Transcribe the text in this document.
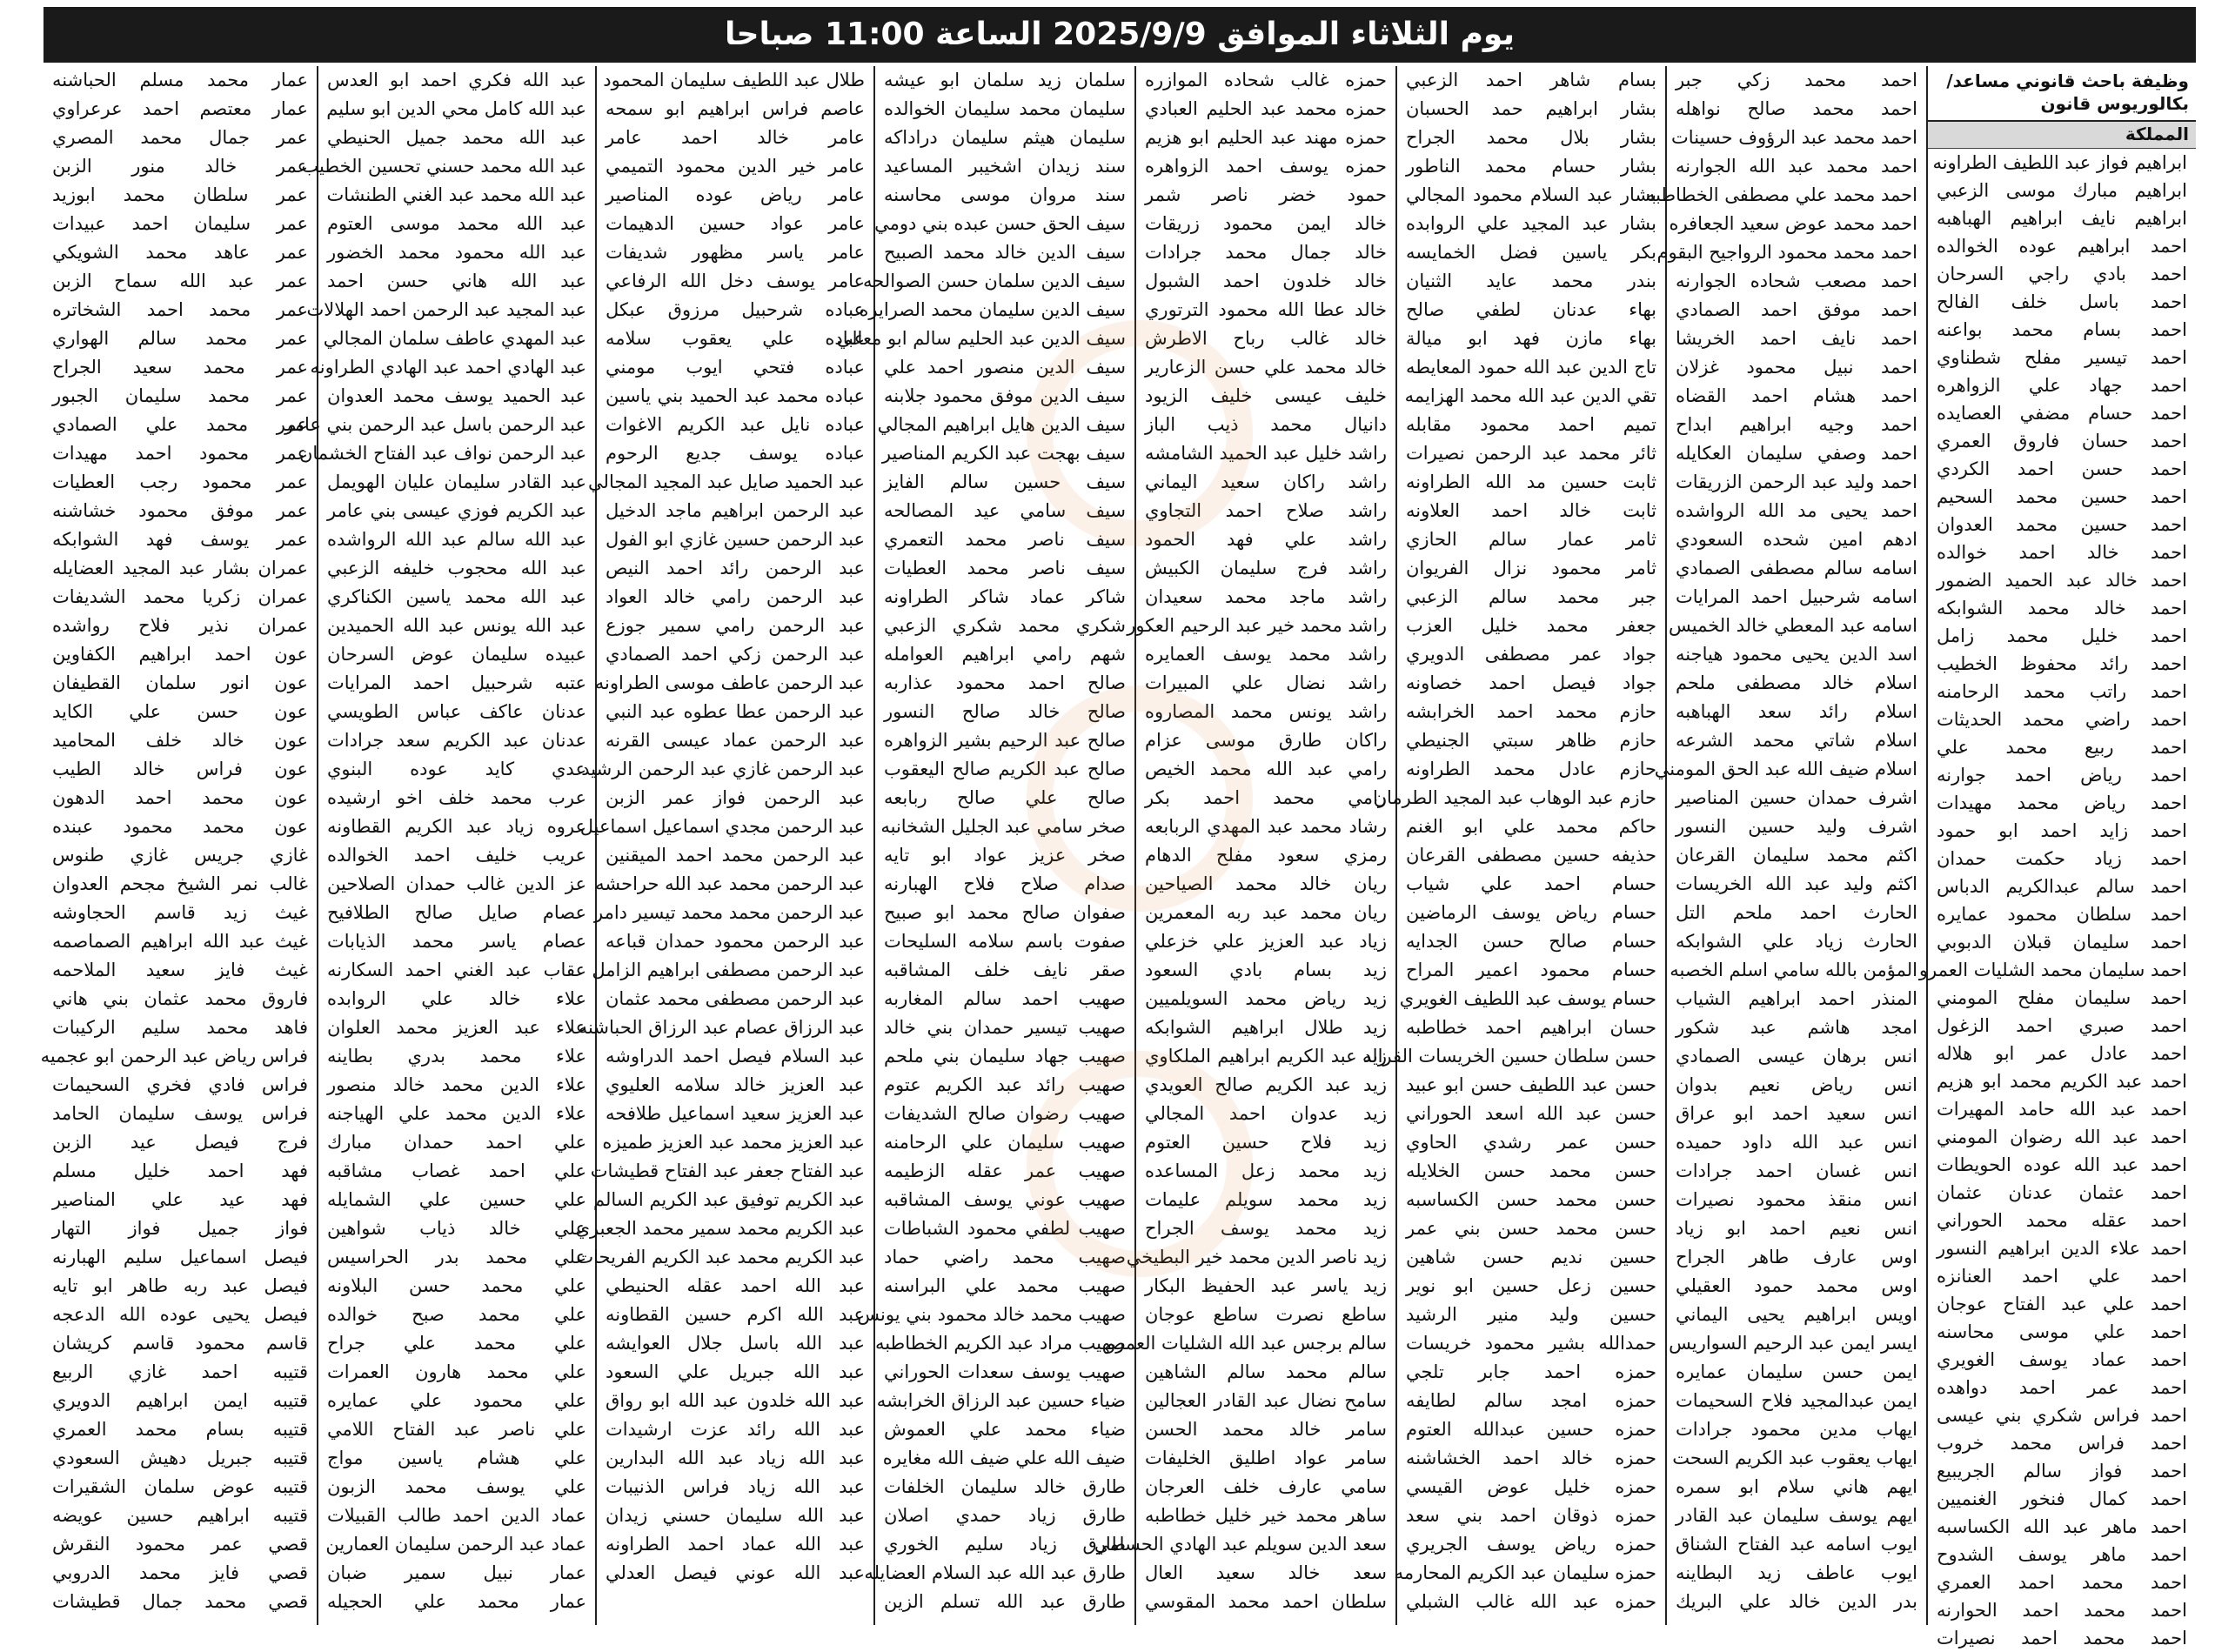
يوم الثلاثاء الموافق 2025/9/9 الساعة 11:00 صباحا
وظيفة باحث قانوني مساعد/ بكالوريوس قانون
المملكة
ابراهيم فواز عبد اللطيف الطراونه
ابراهيم مبارك موسى الزعبي
ابراهيم نايف ابراهيم الهباهبه
احمد ابراهيم عوده الخوالده
احمد بادي راجي السرحان
احمد باسل خلف الفالح
احمد بسام محمد بواعنه
احمد تيسير مفلح شطناوي
احمد جهاد علي الزواهره
احمد حسام مضفي العصايده
احمد حسان فاروق العمري
احمد حسن احمد الكردي
احمد حسين محمد السحيم
احمد حسين محمد العدوان
احمد خالد احمد خوالده
احمد خالد عبد الحميد الضمور
احمد خالد محمد الشوابكه
احمد خليل محمد زامل
احمد رائد محفوظ الخطيب
احمد راتب محمد الرحامنه
احمد راضي محمد الحديثات
احمد ربيع محمد علي
احمد رياض احمد جوارنه
احمد رياض محمد مهيدات
احمد زايد احمد ابو حمود
احمد زياد حكمت حمدان
احمد سالم عبدالكريم الدباس
احمد سلطان محمود عمايره
احمد سليمان قبلان الدبوبي
احمد سليمان محمد الشليات العمرو
احمد سليمان مفلح المومني
احمد صبري احمد الزغول
احمد عادل عمر ابو هلاله
احمد عبد الكريم محمد ابو هزيم
احمد عبد الله حامد المهيرات
احمد عبد الله رضوان المومني
احمد عبد الله عوده الحويطات
احمد عثمان عدنان عثمان
احمد عقله محمد الحوراني
احمد علاء الدين ابراهيم النسور
احمد علي احمد العنانزه
احمد علي عبد الفتاح عوجان
احمد علي موسى محاسنه
احمد عماد يوسف الغويري
احمد عمر احمد دواهده
احمد فراس شكري بني عيسى
احمد فراس محمد خروب
احمد فواز سالم الجريبيع
احمد كمال فنخور الغنميين
احمد ماهر عبد الله الكساسبه
احمد ماهر يوسف الشدوح
احمد محمد احمد العمري
احمد محمد احمد الحوارنه
احمد محمد احمد نصيرات
احمد محمد زكي جبر
احمد محمد صالح نواهله
احمد محمد عبد الرؤوف حسينات
احمد محمد عبد الله الجوارنه
احمد محمد علي مصطفى الخطاطبه
احمد محمد عوض سعيد الجعافره
احمد محمد محمود الرواجيح البقوم
احمد مصعب شحاده الجوارنه
احمد موفق احمد الصمادي
احمد نايف احمد الخريشا
احمد نبيل محمود غزلان
احمد هشام احمد القضاه
احمد وجيه ابراهيم ابداح
احمد وصفي سليمان العكايله
احمد وليد عبد الرحمن الزريقات
احمد يحيى مد الله الرواشده
ادهم امين شحده السعودي
اسامه سالم مصطفى الصمادي
اسامه شرحبيل احمد المرايات
اسامه عبد المعطي خالد الخميس
اسد الدين يحيى محمود هياجنه
اسلام خالد مصطفى ملحم
اسلام رائد سعد الهباهبه
اسلام شاتي محمد الشرعه
اسلام ضيف الله عبد الحق المومني
اشرف حمدان حسين المناصير
اشرف وليد حسين النسور
اكثم محمد سليمان القرعان
اكثم وليد عبد الله الخريسات
الحارث احمد ملحم التل
الحارث زياد علي الشوابكه
المؤمن بالله سامي اسلم الخصبه
المنذر احمد ابراهيم الشياب
امجد هاشم عبد شكور
انس برهان عيسى الصمادي
انس رياض نعيم بدوان
انس سعيد احمد ابو عراق
انس عبد الله داود حميده
انس غسان احمد جرادات
انس منقذ محمود نصيرات
انس نعيم احمد ابو زياد
اوس عارف طاهر الجراح
اوس محمد حمود العقيلي
اويس ابراهيم يحيى اليماني
ايسر ايمن عبد الرحيم السواريس
ايمن حسن سليمان عمايره
ايمن عبدالمجيد فلاح السحيمات
ايهاب مدين محمود جرادات
ايهاب يعقوب عبد الكريم السحت
ايهم هاني سلام ابو سمره
ايهم يوسف سليمان عبد القادر
ايوب اسامه عبد الفتاح الشناق
ايوب عاطف زيد البطاينه
بدر الدين خالد علي البريك
بسام شاهر احمد الزعبي
بشار ابراهيم حمد الحسبان
بشار بلال محمد الجراح
بشار حسام محمد الناطور
بشار عبد السلام محمود المجالي
بشار عبد المجيد علي الروابده
بكر ياسين فضل الخمايسه
بندر محمد عايد الثنيان
بهاء عدنان لطفي صالح
بهاء مازن فهد ابو ميالة
تاج الدين عبد الله حمود المعايطه
تقي الدين عبد الله محمد الهزايمه
تميم احمد محمود مقابله
ثائر محمد عبد الرحمن نصيرات
ثابت حسين مد الله الطراونه
ثابت خالد احمد العلاونه
ثامر عمار سالم الحازي
ثامر محمود نزال الفريوان
جبر محمد سالم الزعبي
جعفر محمد خليل العزب
جواد عمر مصطفى الدويري
جواد فيصل احمد خصاونه
حازم محمد احمد الخرابشه
حازم ظاهر سبتي الجنيطي
حازم عادل محمد الطراونه
حازم عبد الوهاب عبد المجيد الطرمان
حاكم محمد علي ابو الغنم
حذيفه حسين مصطفى القرعان
حسام احمد علي شياب
حسام رياض يوسف الرماضين
حسام صالح حسن الجدايه
حسام محمود اعمير المراح
حسام يوسف عبد اللطيف الغويري
حسان ابراهيم احمد خطاطبه
حسن سلطان حسين الخريسات القراله
حسن عبد اللطيف حسن ابو عبيد
حسن عبد الله اسعد الحوراني
حسن عمر رشدي الحاوي
حسن محمد حسن الخلايله
حسن محمد حسن الكساسبه
حسن محمد حسن بني عمر
حسين نديم حسن شاهين
حسين زعل حسين ابو نوير
حسين وليد منير الرشيد
حمدالله بشير محمود خريسات
حمزه احمد جابر تلجي
حمزه امجد سالم لطايفه
حمزه حسين عبدالله العتوم
حمزه خالد احمد الخشاشنه
حمزه خليل عوض القيسي
حمزه ذوقان احمد بني سعد
حمزه رياض يوسف الجريري
حمزه سليمان عبد الكريم المحارمه
حمزه عبد الله غالب الشبلي
حمزه غالب شحاده الموازره
حمزه محمد عبد الحليم العبادي
حمزه مهند عبد الحليم ابو هزيم
حمزه يوسف احمد الزواهره
حمود خضر ناصر شمر
خالد ايمن محمود زريقات
خالد جمال محمد جرادات
خالد خلدون احمد الشبول
خالد عطا الله محمود الترتوري
خالد غالب رباح الاطرش
خالد محمد علي حسن الزعارير
خليف عيسى خليف الزيود
دانيال محمد ذيب الباز
راشد خليل عبد الحميد الشامشه
راشد راكان سعيد اليماني
راشد صلاح احمد التجاوي
راشد علي فهد الحمود
راشد فرج سليمان الكبيش
راشد ماجد محمد سعيدان
راشد محمد خير عبد الرحيم العكور
راشد محمد يوسف العمايره
راشد نضال علي المبيرات
راشد يونس محمد المصاروه
راكان طارق موسى عزام
رامي عبد الله محمد الخيص
رامي محمد احمد بكر
رشاد محمد عبد المهدي الربابعه
رمزي سعود مفلح الدهام
ريان خالد محمد الصياحين
ريان محمد عبد ربه المعمرين
زياد عبد العزيز علي خزعلي
زيد بسام بادي السعود
زيد رياض محمد السويلميين
زيد طلال ابراهيم الشوابكه
زيد عبد الكريم ابراهيم الملكاوي
زيد عبد الكريم صالح العويدي
زيد عدوان احمد المجالي
زيد فلاح حسين العتوم
زيد محمد زعل المساعده
زيد محمد سويلم عليمات
زيد محمد يوسف الجراح
زيد ناصر الدين محمد خير البطيخي
زيد ياسر عبد الحفيظ البكار
ساطع نصرت ساطع عوجان
سالم برجس عبد الله الشليات العمرو
سالم محمد سالم الشاهين
سامح نضال عبد القادر العجالين
سامر خالد محمد الحسن
سامر عواد اطليق الخليفات
سامي عارف خلف العرجان
ساهر محمد خير خليل خطاطبه
سعد الدين سويلم عبد الهادي الحسامي
سعد خالد سعيد العال
سلطان احمد محمد المقوسي
سلمان زيد سلمان ابو عيشه
سليمان محمد سليمان الخوالده
سليمان هيثم سليمان دراداكه
سند زيدان اشخيبر المساعيد
سند مروان موسى محاسنه
سيف الحق حسن عبده بني دومي
سيف الدين خالد محمد الصبيح
سيف الدين سلمان حسن الصوالحه
سيف الدين سليمان محمد الصرايره
سيف الدين عبد الحليم سالم ابو معالي
سيف الدين منصور احمد علي
سيف الدين موفق محمود جلابنه
سيف الدين هايل ابراهيم المجالي
سيف بهجت عبد الكريم المناصير
سيف حسين سالم الفايز
سيف سامي عيد المصالحه
سيف ناصر محمد التعمري
سيف ناصر محمد العطيات
شاكر عماد شاكر الطراونه
شكري محمد شكري الزعبي
شهم رامي ابراهيم العوامله
صالح احمد محمود عذاربه
صالح خالد صالح النسور
صالح عبد الرحيم بشير الزواهره
صالح عبد الكريم صالح اليعقوب
صالح علي صالح ربابعه
صخر سامي عبد الجليل الشخانبه
صخر عزيز عواد ابو تايه
صدام صلاح فلاح الهبارنه
صفوان صالح محمد ابو صبيح
صفوت باسم سلامه السليحات
صقر نايف خلف المشاقبه
صهيب احمد سالم المغاربه
صهيب تيسير حمدان بني خالد
صهيب جهاد سليمان بني ملحم
صهيب رائد عبد الكريم عتوم
صهيب رضوان صالح الشديفات
صهيب سليمان علي الرحامنه
صهيب عمر عقله الزطيمه
صهيب عوني يوسف المشاقبه
صهيب لطفي محمود الشباطات
صهيب محمد راضي حماد
صهيب محمد علي البراسنه
صهيب محمد خالد محمود بني يونس
صهيب مراد عبد الكريم الخطاطبه
صهيب يوسف سعدات الحوراني
ضياء حسين عبد الرزاق الخرابشه
ضياء محمد علي العموش
ضيف الله علي ضيف الله مغايره
طارق خالد سليمان الخلفات
طارق زياد حمدي اصلان
طارق زياد سليم الخوري
طارق عبد الله عبد السلام العضايله
طارق عبد الله تسلم الزين
طلال عبد اللطيف سليمان المحمود
عاصم فراس ابراهيم ابو سمحه
عامر خالد احمد عامر
عامر خير الدين محمود التميمي
عامر رياض عوده المناصير
عامر عواد حسين الدهيمات
عامر ياسر مظهور شديفات
عامر يوسف دخل الله الرفاعي
عباده شرحبيل مرزوق عبكل
عباده علي يعقوب سلامه
عباده فتحي ايوب مومني
عباده محمد عبد الحميد بني ياسين
عباده نايل عبد الكريم الاغوات
عباده يوسف جديع الرحوم
عبد الحميد صايل عبد المجيد المجالي
عبد الرحمن ابراهيم ماجد الدخيل
عبد الرحمن حسين غازي ابو الفول
عبد الرحمن رائد احمد النيص
عبد الرحمن رامي خالد العواد
عبد الرحمن رامي سمير جوزع
عبد الرحمن زكي احمد الصمادي
عبد الرحمن عاطف موسى الطراونه
عبد الرحمن عطا عطوه عبد النبي
عبد الرحمن عماد عيسى القرنه
عبد الرحمن غازي عبد الرحمن الرشيد
عبد الرحمن فواز عمر الزبن
عبد الرحمن مجدي اسماعيل اسماعيل
عبد الرحمن محمد احمد الميقنين
عبد الرحمن محمد عبد الله حراحشه
عبد الرحمن محمد محمد تيسير دامر
عبد الرحمن محمود حمدان قباعه
عبد الرحمن مصطفى ابراهيم الزامل
عبد الرحمن مصطفى محمد عثمان
عبد الرزاق عصام عبد الرزاق الحباشنه
عبد السلام فيصل احمد الدراوشه
عبد العزيز خالد سلامه العليوي
عبد العزيز سعيد اسماعيل طلافحه
عبد العزيز محمد عبد العزيز طميزه
عبد الفتاح جعفر عبد الفتاح قطيشات
عبد الكريم توفيق عبد الكريم السالم
عبد الكريم محمد سمير محمد الجعبري
عبد الكريم محمد عبد الكريم الفريحات
عبد الله احمد عقله الحنيطي
عبد الله اكرم حسين القطاونه
عبد الله باسل جلال العوايشه
عبد الله جبريل علي السعود
عبد الله خلدون عبد الله ابو رواق
عبد الله رائد عزت ارشيدات
عبد الله زياد عبد الله البدارين
عبد الله زياد فراس الذنيبات
عبد الله سليمان حسني زيدان
عبد الله عماد احمد الطراونه
عبد الله عوني فيصل العدلي
عبد الله فكري احمد ابو العدس
عبد الله كامل محي الدين ابو سليم
عبد الله محمد جميل الحنيطي
عبد الله محمد حسني تحسين الخطيب
عبد الله محمد عبد الغني الطنشات
عبد الله محمد موسى العتوم
عبد الله محمود محمد الخضور
عبد الله هاني حسن احمد
عبد المجيد عبد الرحمن احمد الهلالات
عبد المهدي عاطف سلمان المجالي
عبد الهادي احمد عبد الهادي الطراونه
عبد الحميد يوسف محمد العدوان
عبد الرحمن باسل عبد الرحمن بني عامر
عبد الرحمن نواف عبد الفتاح الخشمان
عبد القادر سليمان عليان الهويمل
عبد الكريم فوزي عيسى بني عامر
عبد الله سالم عبد الله الرواشده
عبد الله محجوب خليفه الزعبي
عبد الله محمد ياسين الكناكري
عبد الله يونس عبد الله الحميدين
عبيده سليمان عوض السرحان
عتبه شرحبيل احمد المرايات
عدنان عاكف عباس الطويسي
عدنان عبد الكريم سعد جرادات
عدي كايد عوده البنوي
عرب محمد خلف اخو ارشيده
عروه زياد عبد الكريم القطاونه
عريب خليف احمد الخوالده
عز الدين غالب حمدان الصلاحين
عصام صايل صالح الطلافيح
عصام ياسر محمد الذيابات
عقاب عبد الغني احمد السكارنه
علاء خالد علي الروابده
علاء عبد العزيز محمد العلوان
علاء محمد بدري بطاينه
علاء الدين محمد خالد منصور
علاء الدين محمد علي الهياجنه
علي احمد حمدان مبارك
علي احمد غصاب مشاقبه
علي حسين علي الشمايله
علي خالد ذياب شواهين
علي محمد بدر الحراسيس
علي محمد حسن البلاونه
علي محمد صبح خوالده
علي محمد علي جراح
علي محمد هارون العمرات
علي محمود علي عمايره
علي ناصر عبد الفتاح اللامي
علي هشام ياسين مواج
علي يوسف محمد الزبون
عماد الدين احمد طالب القبيلات
عماد عبد الرحمن سليمان العمارين
عمار نبيل سمير ضبان
عمار محمد علي الحجيله
عمار محمد مسلم الحباشنه
عمار معتصم احمد عرعراوي
عمر جمال محمد المصري
عمر خالد منور الزبن
عمر سلطان محمد ابوزيد
عمر سليمان احمد عبيدات
عمر عاهد محمد الشويكي
عمر عبد الله سماح الزبن
عمر محمد احمد الشخاتره
عمر محمد سالم الهواري
عمر محمد سعيد الجراح
عمر محمد سليمان الجبور
عمر محمد علي الصمادي
عمر محمود احمد مهيدات
عمر محمود رجب العطيات
عمر موفق محمود خشاشنه
عمر يوسف فهد الشوابكه
عمران بشار عبد المجيد العضايله
عمران زكريا محمد الشديفات
عمران نذير فلاح رواشده
عون احمد ابراهيم الكفاوين
عون انور سلمان القطيفان
عون حسن علي الكايد
عون خالد خلف المحاميد
عون فراس خالد الطيب
عون محمد احمد الدهون
عون محمد محمود عبنده
غازي جريس غازي طنوس
غالب نمر الشيخ مجحم العدوان
غيث زيد قاسم الحجاوشه
غيث عبد الله ابراهيم الصماصمه
غيث فايز سعيد الملاحمه
فاروق محمد عثمان بني هاني
فاهد محمد سليم الركيبات
فراس رياض عبد الرحمن ابو عجميه
فراس فادي فخري السحيمات
فراس يوسف سليمان الحامد
فرج فيصل عيد الزبن
فهد احمد خليل مسلم
فهد عيد علي المناصير
فواز جميل فواز التهار
فيصل اسماعيل سليم الهبارنه
فيصل عبد ربه طاهر ابو تايه
فيصل يحيى عوده الله الدعجه
قاسم محمود قاسم كريشان
قتيبه احمد غازي الربيع
قتيبه ايمن ابراهيم الدويري
قتيبه بسام محمد العمري
قتيبه جبريل دهيش السعودي
قتيبه عوض سلمان الشقيرات
قتيبه ابراهيم حسين عويضه
قصي عمر محمود النقرش
قصي فايز محمد الدروبي
قصي محمد جمال قطيشات
